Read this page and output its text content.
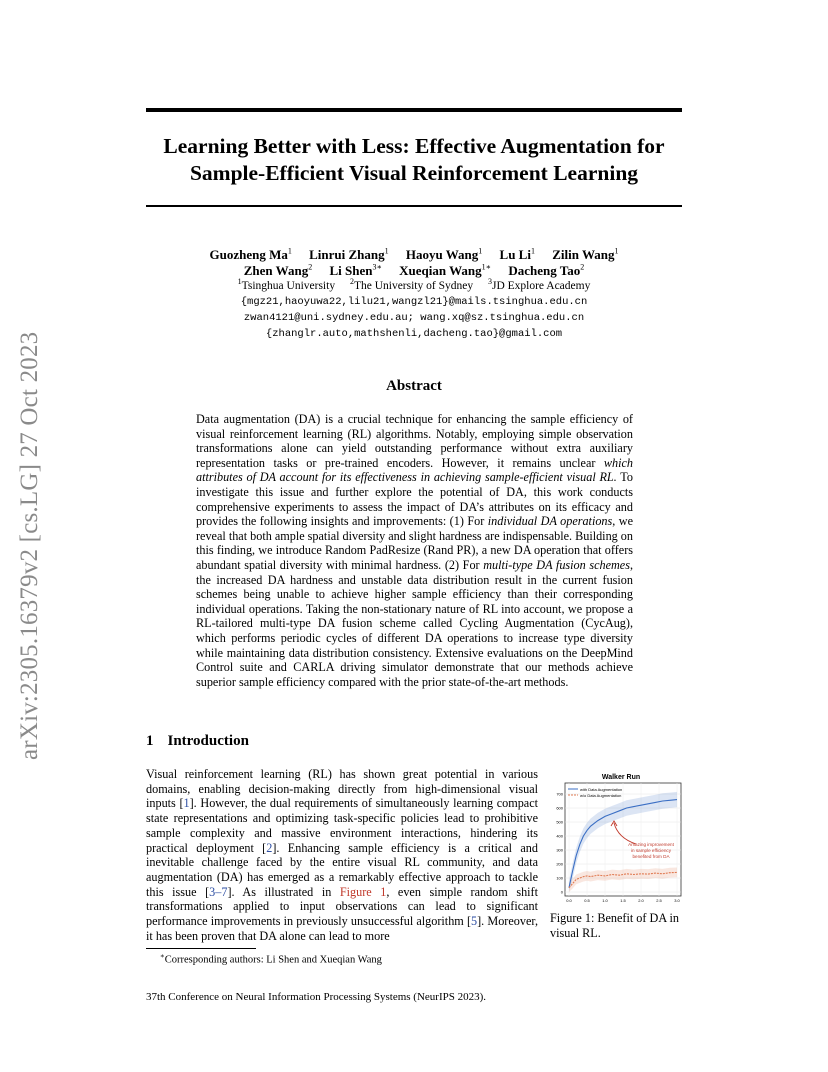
arXiv:2305.16379v2 [cs.LG] 27 Oct 2023
Learning Better with Less: Effective Augmentation for
Sample-Efficient Visual Reinforcement Learning
Guozheng Ma$^1$ Linrui Zhang$^1$ Haoyu Wang$^1$ Lu Li$^1$ Zilin Wang$^1$
Zhen Wang$^2$ Li Shen$^{3∗}$ Xueqian Wang$^{1∗}$ Dacheng Tao$^2$
$^1$Tsinghua University $^2$The University of Sydney $^3$JD Explore Academy
{mgz21,haoyuwa22,lilu21,wangzl21}@mails.tsinghua.edu.cn
zwan4121@uni.sydney.edu.au; wang.xq@sz.tsinghua.edu.cn
{zhanglr.auto,mathshenli,dacheng.tao}@gmail.com
Abstract
Data augmentation (DA) is a crucial technique for enhancing the sample efficiency of visual reinforcement learning (RL) algorithms. Notably, employing simple observation transformations alone can yield outstanding performance without extra auxiliary representation tasks or pre-trained encoders. However, it remains unclear which attributes of DA account for its effectiveness in achieving sample-efficient visual RL. To investigate this issue and further explore the potential of DA, this work conducts comprehensive experiments to assess the impact of DA’s attributes on its efficacy and provides the following insights and improvements: (1) For individual DA operations, we reveal that both ample spatial diversity and slight hardness are indispensable. Building on this finding, we introduce Random PadResize (Rand PR), a new DA operation that offers abundant spatial diversity with minimal hardness. (2) For multi-type DA fusion schemes, the increased DA hardness and unstable data distribution result in the current fusion schemes being unable to achieve higher sample efficiency than their corresponding individual operations. Taking the non-stationary nature of RL into account, we propose a RL-tailored multi-type DA fusion scheme called Cycling Augmentation (CycAug), which performs periodic cycles of different DA operations to increase type diversity while maintaining data distribution consistency. Extensive evaluations on the DeepMind Control suite and CARLA driving simulator demonstrate that our methods achieve superior sample efficiency compared with the prior state-of-the-art methods.
1 Introduction
Visual reinforcement learning (RL) has shown great potential in various domains, enabling decision-making directly from high-dimensional visual inputs [1]. However, the dual requirements of simultaneously learning compact state representations and optimizing task-specific policies lead to prohibitive sample complexity and massive environment interactions, hindering its practical deployment [2]. Enhancing sample efficiency is a critical and inevitable challenge faced by the entire visual RL community, and data augmentation (DA) has emerged as a remarkably effective approach to tackle this issue [3–7]. As illustrated in Figure 1, even simple random shift transformations applied to input observations can lead to significant performance improvements in previously unsuccessful algorithm [5]. Moreover, it has been proven that DA alone can lead to more
Walker Run
0
100
200
300
400
500
600
700
0.0	0.5	1.0	1.5	2.0	2.5	3.0
with Data Augmentation
w/o Data Augmentation
Amazing improvement
in sample efficiency
benefited from DA
Figure 1: Benefit of DA in visual RL.
∗Corresponding authors: Li Shen and Xueqian Wang
37th Conference on Neural Information Processing Systems (NeurIPS 2023).
